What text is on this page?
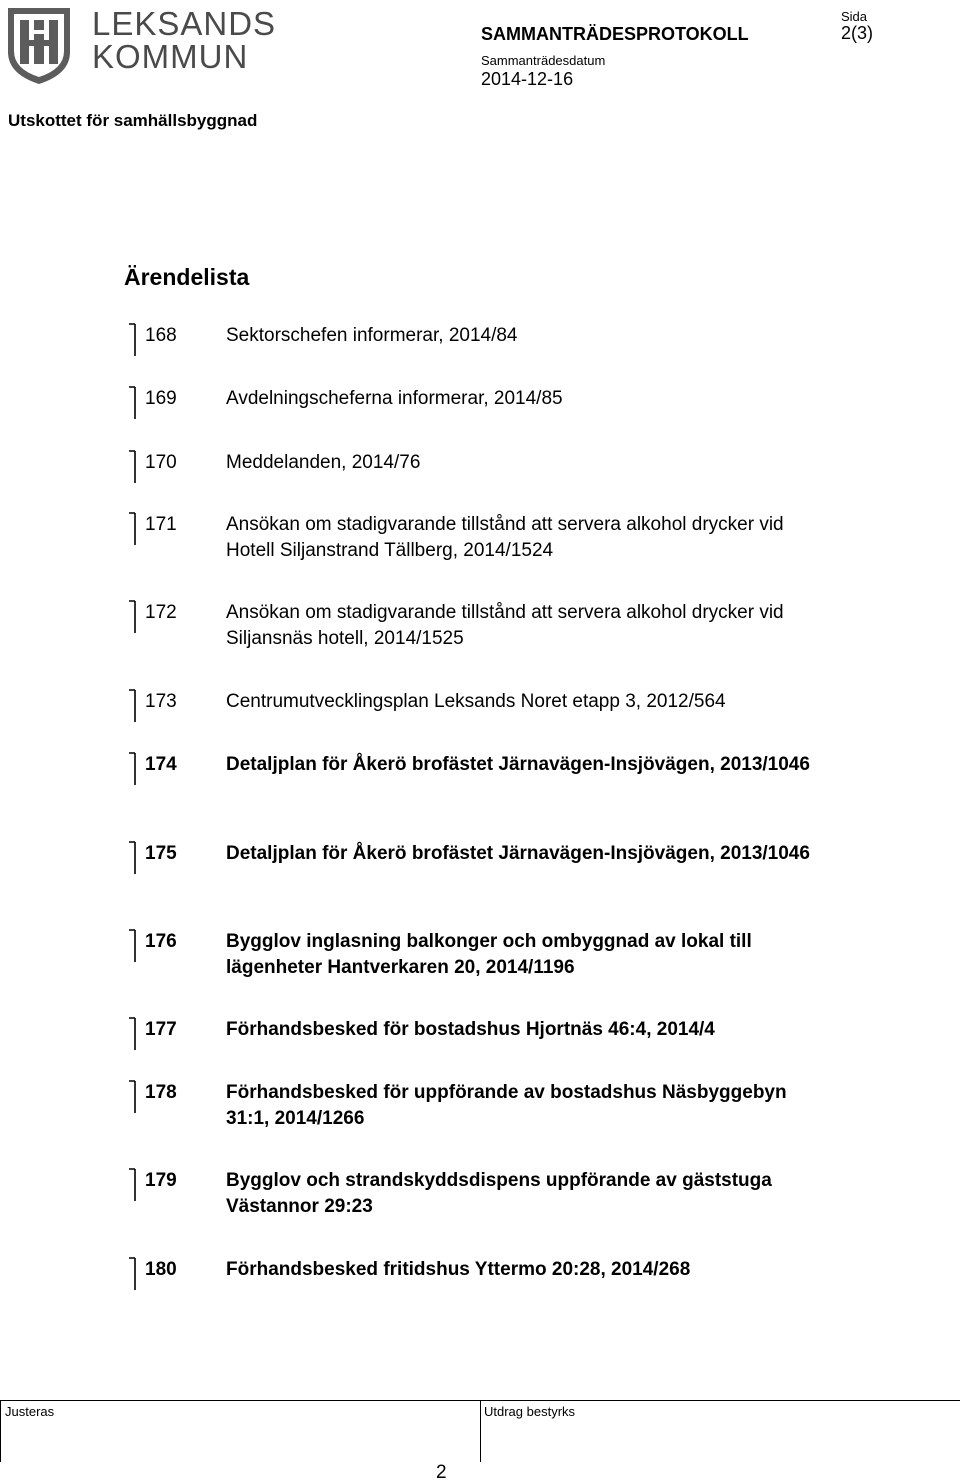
LEKSANDS
KOMMUN
SAMMANTRÄDESPROTOKOLL
Sida
2(3)
Sammanträdesdatum
2014-12-16
Utskottet för samhällsbyggnad
Ärendelista
168	Sektorschefen informerar, 2014/84
169	Avdelningscheferna informerar, 2014/85
170	Meddelanden, 2014/76
171	Ansökan om stadigvarande tillstånd att servera alkohol drycker vid Hotell Siljanstrand Tällberg, 2014/1524
172	Ansökan om stadigvarande tillstånd att servera alkohol drycker vid Siljansnäs hotell, 2014/1525
173	Centrumutvecklingsplan Leksands Noret etapp 3, 2012/564
174	Detaljplan för Åkerö brofästet Järnavägen-Insjövägen, 2013/1046
175	Detaljplan för Åkerö brofästet Järnavägen-Insjövägen, 2013/1046
176	Bygglov inglasning balkonger och ombyggnad av lokal till lägenheter Hantverkaren 20, 2014/1196
177	Förhandsbesked för bostadshus Hjortnäs 46:4, 2014/4
178	Förhandsbesked för uppförande av bostadshus Näsbyggebyn 31:1, 2014/1266
179	Bygglov och strandskyddsdispens uppförande av gäststuga Västannor 29:23
180	Förhandsbesked fritidshus Yttermo 20:28, 2014/268
Justeras	Utdrag bestyrks
2
